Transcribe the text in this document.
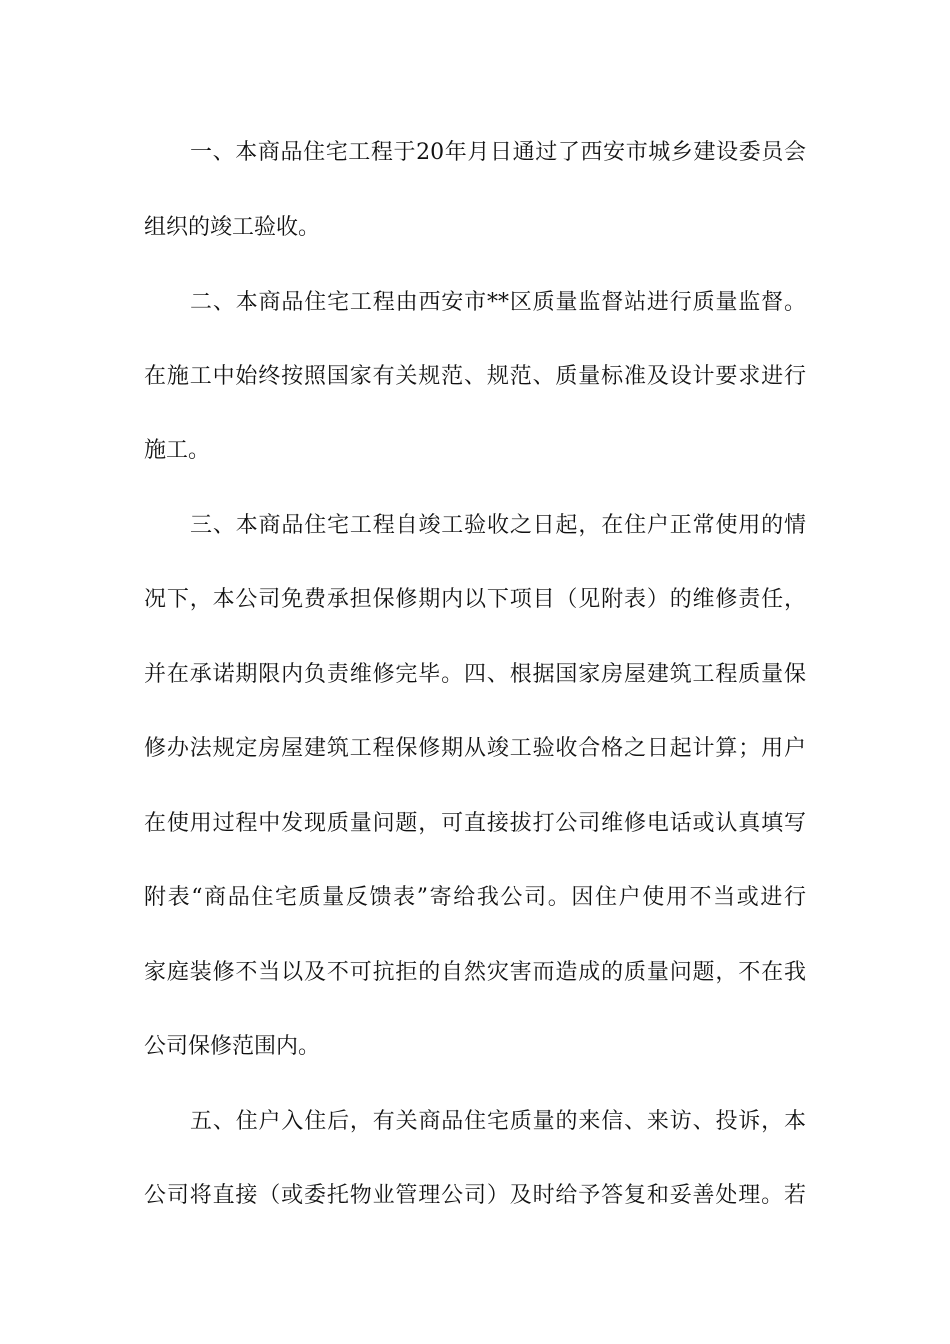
一、本商品住宅工程于20年月日通过了西安市城乡建设委员会
组织的竣工验收。
二、本商品住宅工程由西安市**区质量监督站进行质量监督。
在施工中始终按照国家有关规范、规范、质量标准及设计要求进行
施工。
三、本商品住宅工程自竣工验收之日起，在住户正常使用的情
况下，本公司免费承担保修期内以下项目（见附表）的维修责任，
并在承诺期限内负责维修完毕。四、根据国家房屋建筑工程质量保
修办法规定房屋建筑工程保修期从竣工验收合格之日起计算；用户
在使用过程中发现质量问题，可直接拔打公司维修电话或认真填写
附表“商品住宅质量反馈表”寄给我公司。因住户使用不当或进行
家庭装修不当以及不可抗拒的自然灾害而造成的质量问题，不在我
公司保修范围内。
五、住户入住后，有关商品住宅质量的来信、来访、投诉，本
公司将直接（或委托物业管理公司）及时给予答复和妥善处理。若
